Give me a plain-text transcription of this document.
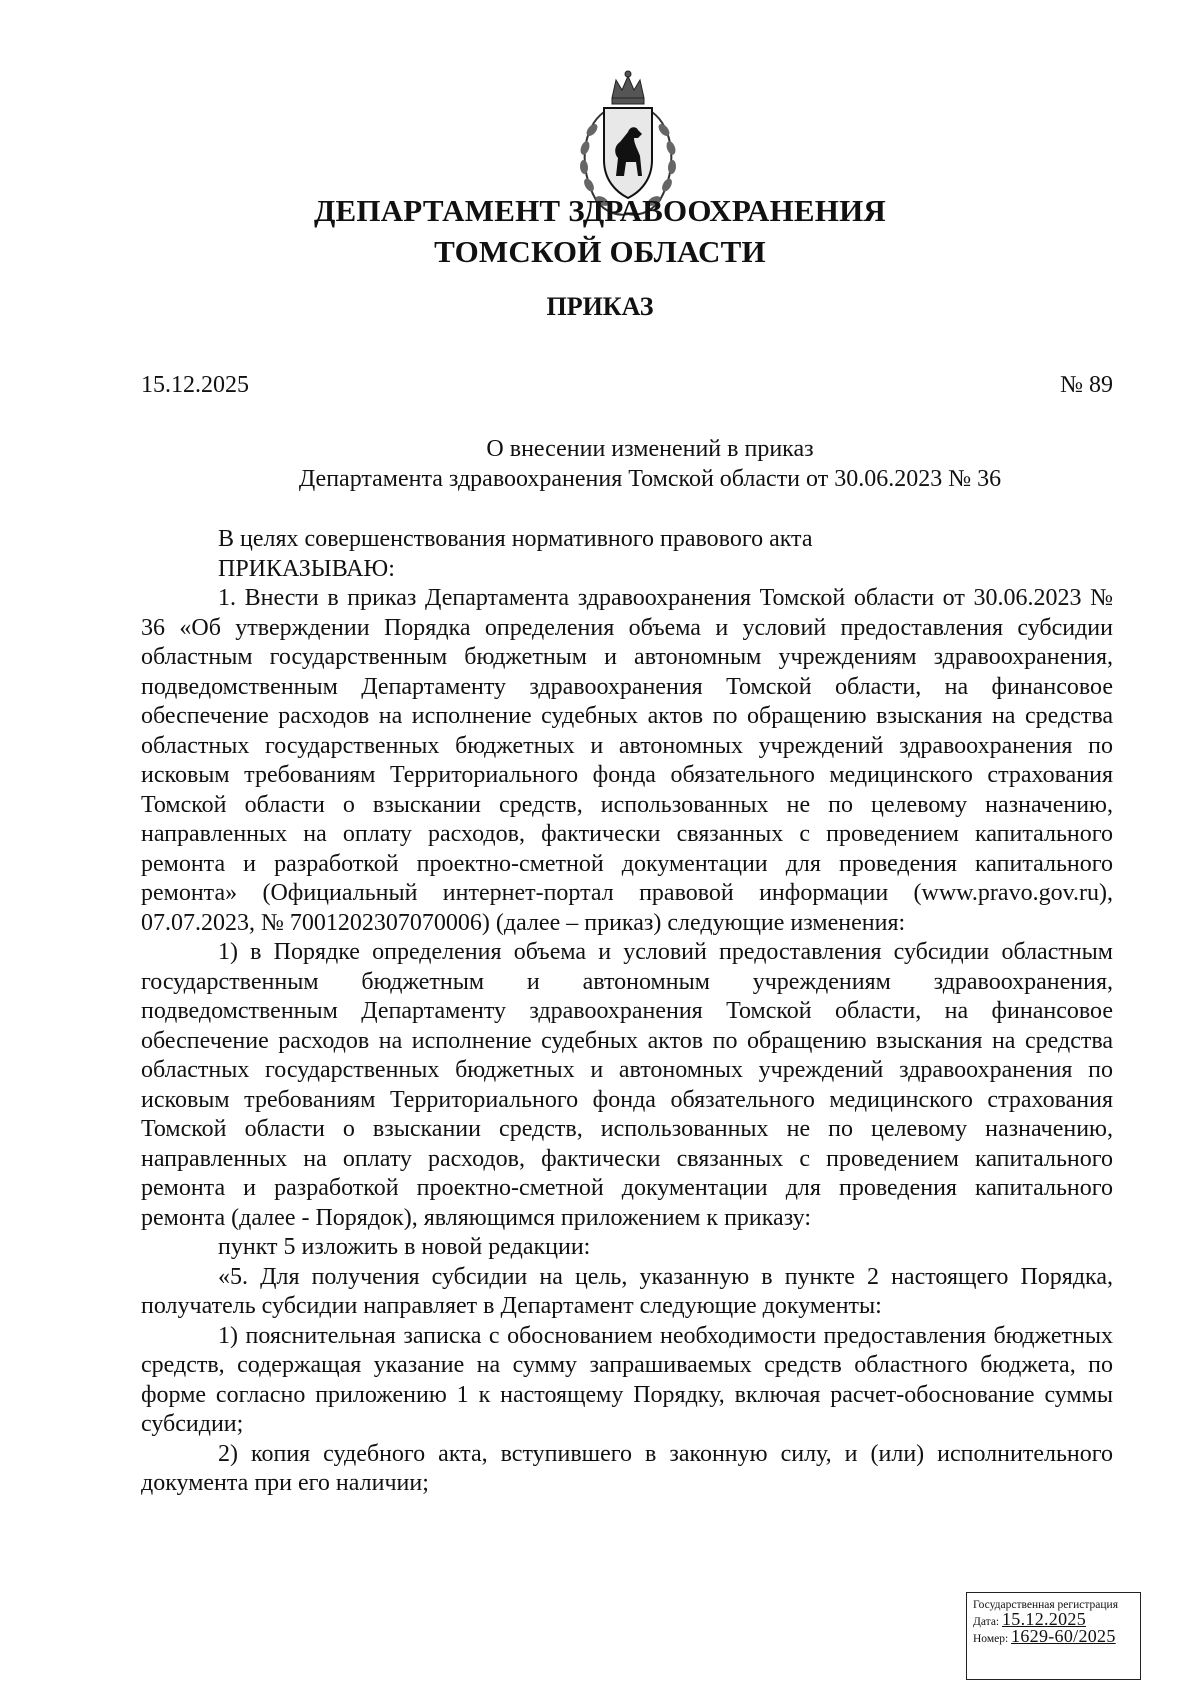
ДЕПАРТАМЕНТ ЗДРАВООХРАНЕНИЯ
ТОМСКОЙ ОБЛАСТИ
ПРИКАЗ
15.12.2025	№ 89
О внесении изменений в приказ
Департамента здравоохранения Томской области от 30.06.2023 № 36

В целях совершенствования нормативного правового акта

ПРИКАЗЫВАЮ:

1. Внести в приказ Департамента здравоохранения Томской области от 30.06.2023 № 36 «Об утверждении Порядка определения объема и условий предоставления субсидии областным государственным бюджетным и автономным учреждениям здравоохранения, подведомственным Департаменту здравоохранения Томской области, на финансовое обеспечение расходов на исполнение судебных актов по обращению взыскания на средства областных государственных бюджетных и автономных учреждений здравоохранения по исковым требованиям Территориального фонда обязательного медицинского страхования Томской области о взыскании средств, использованных не по целевому назначению, направленных на оплату расходов, фактически связанных с проведением капитального ремонта и разработкой проектно-сметной документации для проведения капитального ремонта» (Официальный интернет-портал правовой информации (www.pravo.gov.ru), 07.07.2023, № 7001202307070006) (далее – приказ) следующие изменения:

1) в Порядке определения объема и условий предоставления субсидии областным государственным бюджетным и автономным учреждениям здравоохранения, подведомственным Департаменту здравоохранения Томской области, на финансовое обеспечение расходов на исполнение судебных актов по обращению взыскания на средства областных государственных бюджетных и автономных учреждений здравоохранения по исковым требованиям Территориального фонда обязательного медицинского страхования Томской области о взыскании средств, использованных не по целевому назначению, направленных на оплату расходов, фактически связанных с проведением капитального ремонта и разработкой проектно-сметной документации для проведения капитального ремонта (далее - Порядок), являющимся приложением к приказу:

пункт 5 изложить в новой редакции:

«5. Для получения субсидии на цель, указанную в пункте 2 настоящего Порядка, получатель субсидии направляет в Департамент следующие документы:

1) пояснительная записка с обоснованием необходимости предоставления бюджетных средств, содержащая указание на сумму запрашиваемых средств областного бюджета, по форме согласно приложению 1 к настоящему Порядку, включая расчет-обоснование суммы субсидии;

2) копия судебного акта, вступившего в законную силу, и (или) исполнительного документа при его наличии;

Государственная регистрация
Дата: 15.12.2025
Номер: 1629-60/2025
